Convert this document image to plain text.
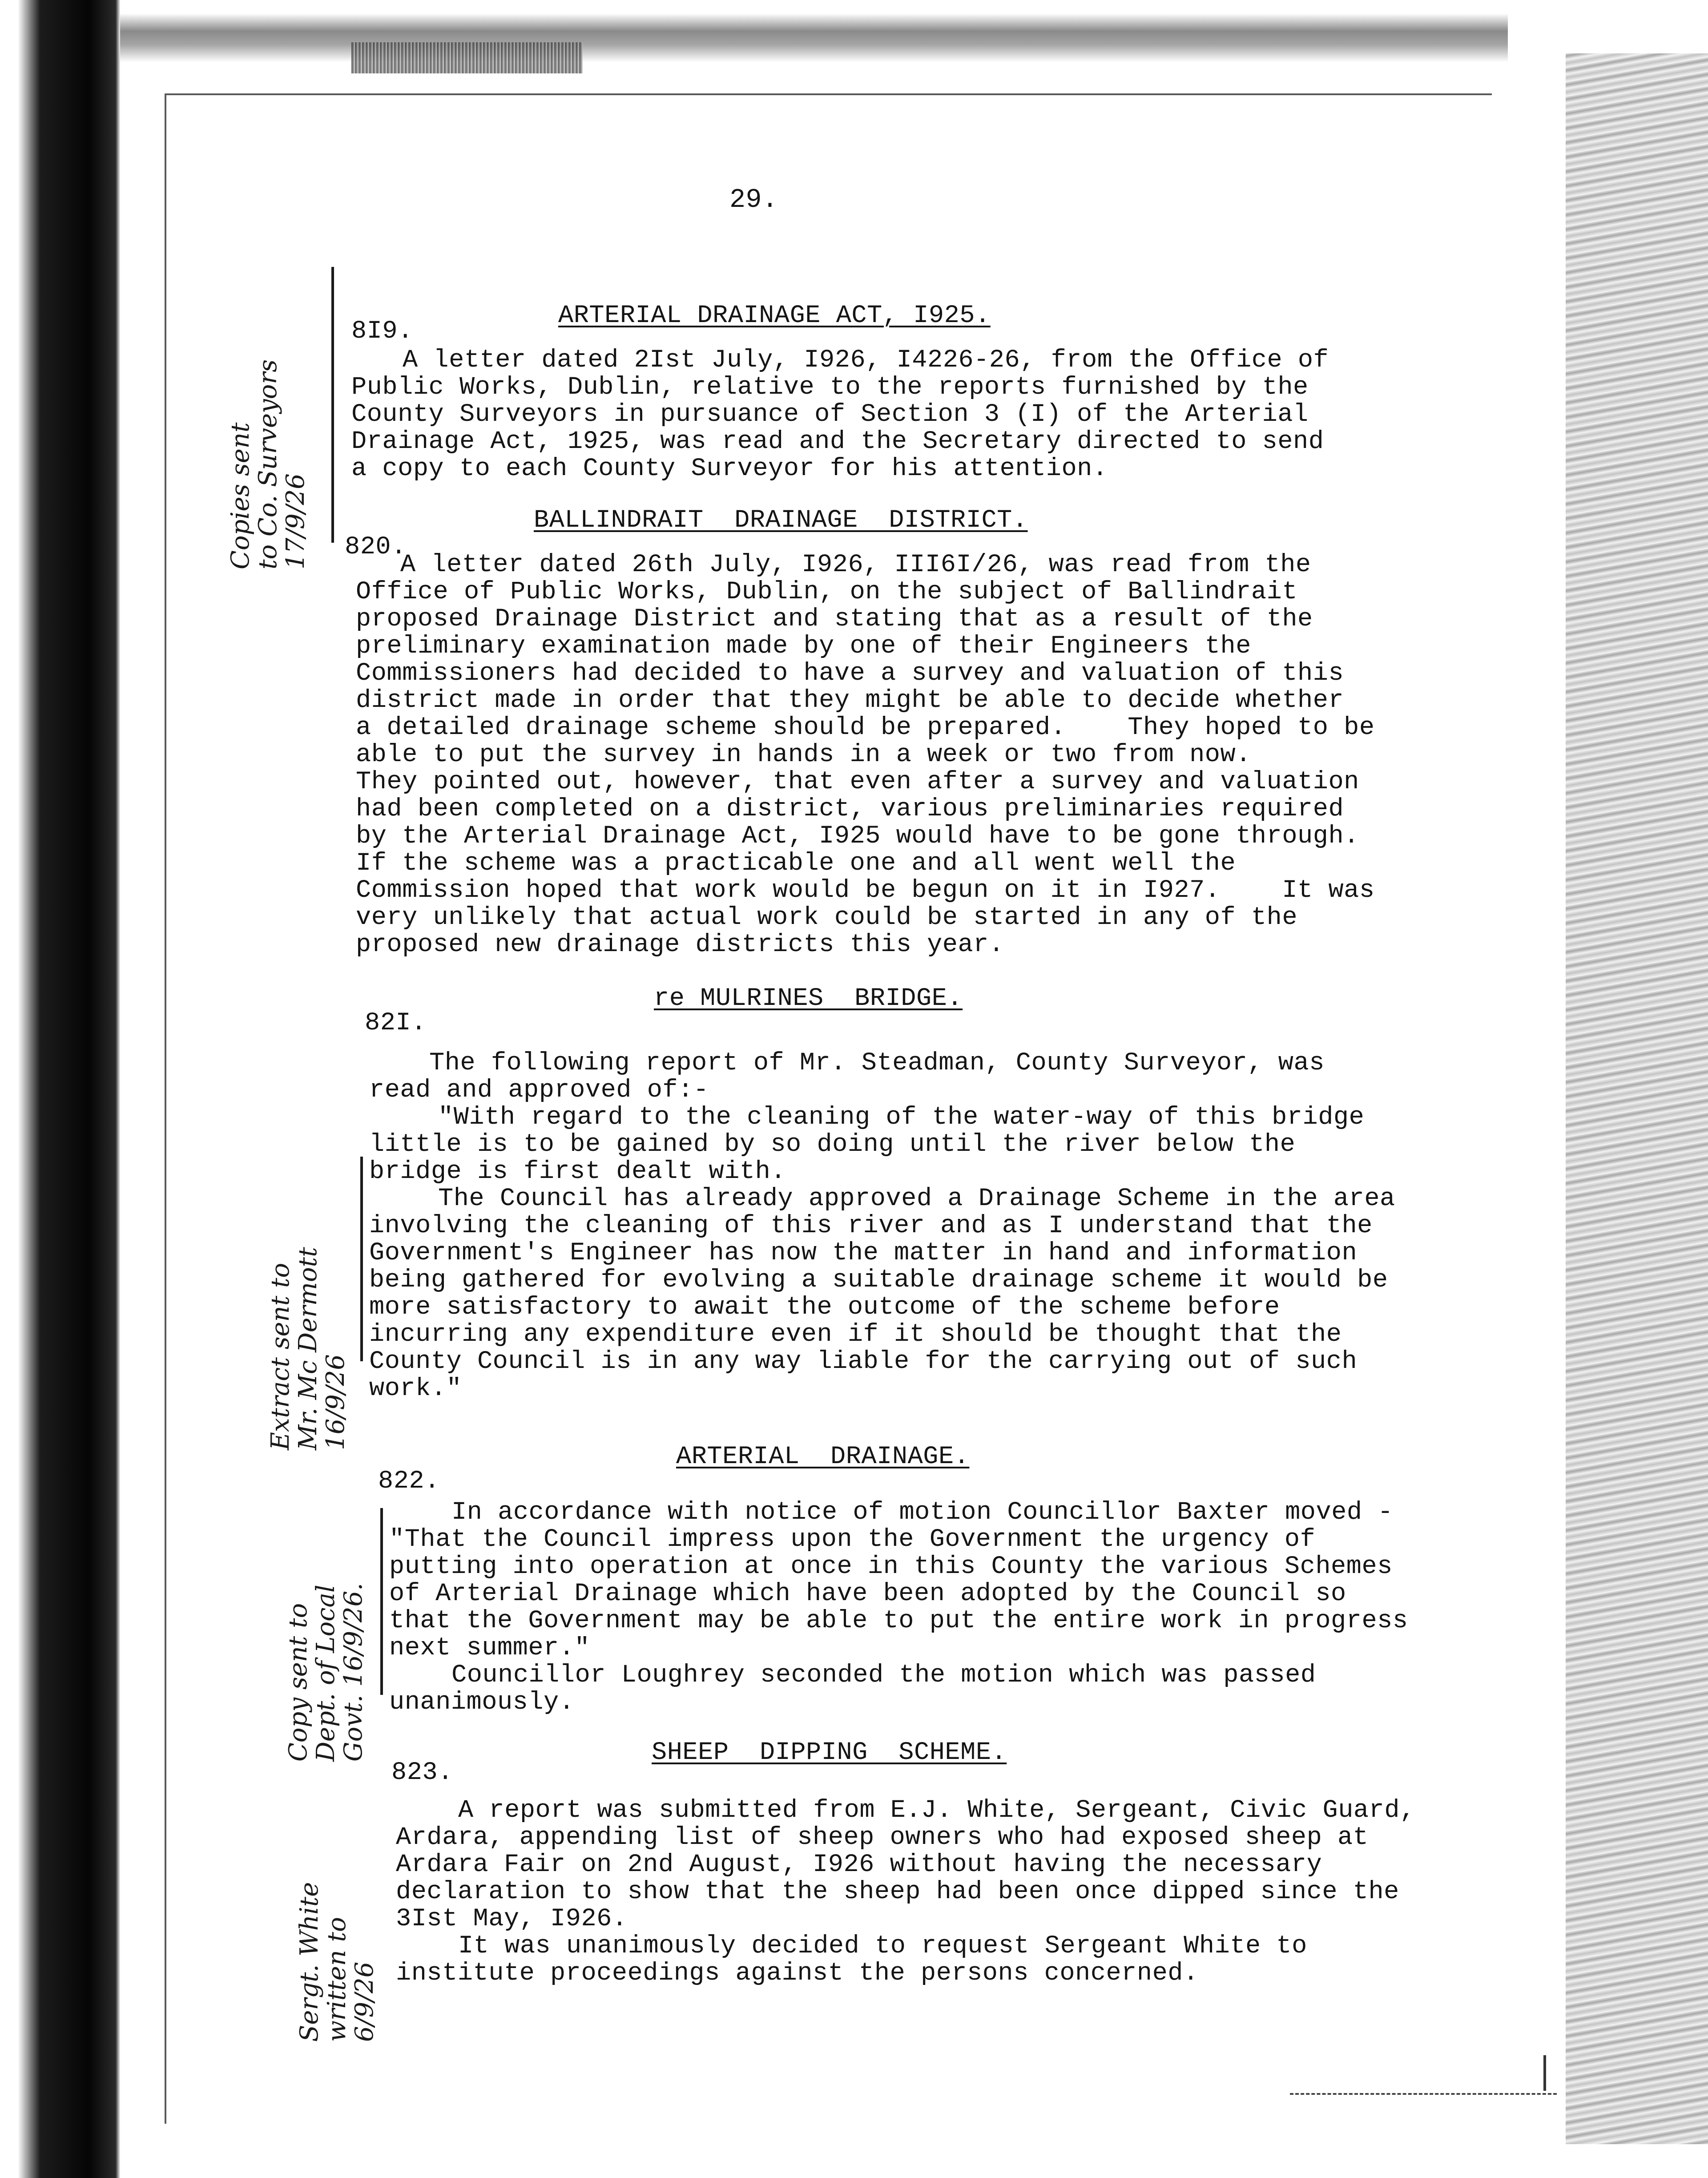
29.

8I9.

ARTERIAL DRAINAGE ACT, I925.

A letter dated 2Ist July, I926, I4226-26, from the Office of
Public Works, Dublin, relative to the reports furnished by the
County Surveyors in pursuance of Section 3 (I) of the Arterial
Drainage Act, 1925, was read and the Secretary directed to send
a copy to each County Surveyor for his attention.

820.

BALLINDRAIT  DRAINAGE  DISTRICT.

A letter dated 26th July, I926, III6I/26, was read from the
Office of Public Works, Dublin, on the subject of Ballindrait
proposed Drainage District and stating that as a result of the
preliminary examination made by one of their Engineers the
Commissioners had decided to have a survey and valuation of this
district made in order that they might be able to decide whether
a detailed drainage scheme should be prepared.    They hoped to be
able to put the survey in hands in a week or two from now.
They pointed out, however, that even after a survey and valuation
had been completed on a district, various preliminaries required
by the Arterial Drainage Act, I925 would have to be gone through.
If the scheme was a practicable one and all went well the
Commission hoped that work would be begun on it in I927.    It was
very unlikely that actual work could be started in any of the
proposed new drainage districts this year.

82I.

re MULRINES  BRIDGE.

The following report of Mr. Steadman, County Surveyor, was
read and approved of:-
"With regard to the cleaning of the water-way of this bridge
little is to be gained by so doing until the river below the
bridge is first dealt with.
The Council has already approved a Drainage Scheme in the area
involving the cleaning of this river and as I understand that the
Government's Engineer has now the matter in hand and information
being gathered for evolving a suitable drainage scheme it would be
more satisfactory to await the outcome of the scheme before
incurring any expenditure even if it should be thought that the
County Council is in any way liable for the carrying out of such
work."

822.

ARTERIAL  DRAINAGE.

In accordance with notice of motion Councillor Baxter moved -
"That the Council impress upon the Government the urgency of
putting into operation at once in this County the various Schemes
of Arterial Drainage which have been adopted by the Council so
that the Government may be able to put the entire work in progress
next summer."
Councillor Loughrey seconded the motion which was passed
unanimously.

823.

SHEEP  DIPPING  SCHEME.

A report was submitted from E.J. White, Sergeant, Civic Guard,
Ardara, appending list of sheep owners who had exposed sheep at
Ardara Fair on 2nd August, I926 without having the necessary
declaration to show that the sheep had been once dipped since the
3Ist May, I926.
It was unanimously decided to request Sergeant White to
institute proceedings against the persons concerned.

Copies sent
to Co. Surveyors
17/9/26

Extract sent to
Mr. Mc Dermott
16/9/26

Copy sent to
Dept. of Local
Govt. 16/9/26.

Sergt. White
written to
6/9/26
